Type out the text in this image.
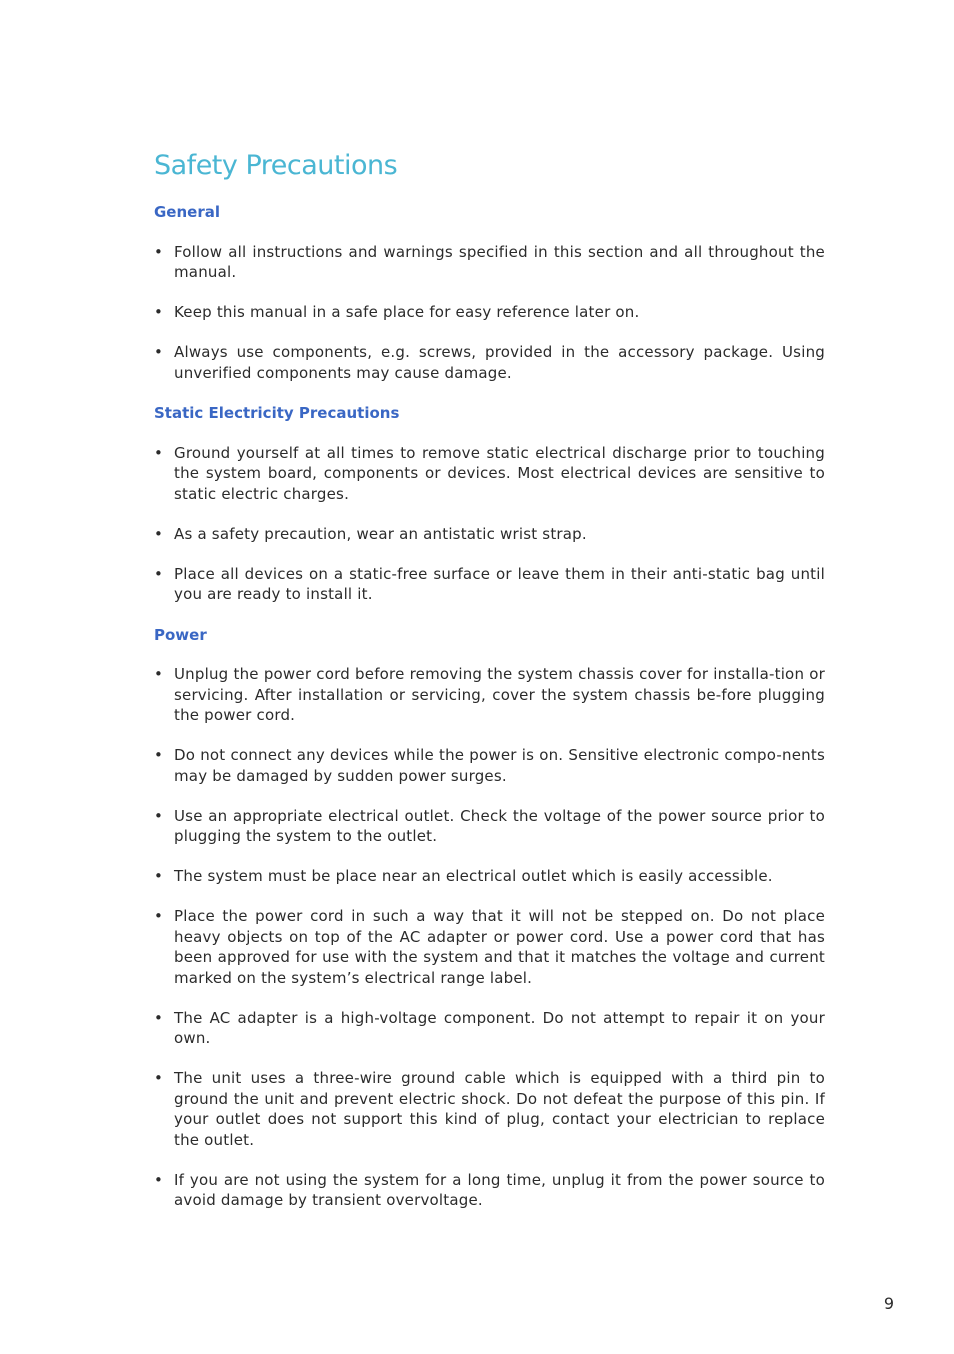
Safety Precautions
General
• Follow all instructions and warnings specified in this section and all throughout the manual.
• Keep this manual in a safe place for easy reference later on.
• Always use components, e.g. screws, provided in the accessory package. Using unverified components may cause damage.
Static Electricity Precautions
• Ground yourself at all times to remove static electrical discharge prior to touching the system board, components or devices. Most electrical devices are sensitive to static electric charges.
• As a safety precaution, wear an antistatic wrist strap.
• Place all devices on a static-free surface or leave them in their anti-static bag until you are ready to install it.
Power
• Unplug the power cord before removing the system chassis cover for installa-tion or servicing. After installation or servicing, cover the system chassis be-fore plugging the power cord.
• Do not connect any devices while the power is on. Sensitive electronic compo-nents may be damaged by sudden power surges.
• Use an appropriate electrical outlet. Check the voltage of the power source prior to plugging the system to the outlet.
• The system must be place near an electrical outlet which is easily accessible.
• Place the power cord in such a way that it will not be stepped on. Do not place heavy objects on top of the AC adapter or power cord. Use a power cord that has been approved for use with the system and that it matches the voltage and current marked on the system’s electrical range label.
• The AC adapter is a high-voltage component. Do not attempt to repair it on your own.
• The unit uses a three-wire ground cable which is equipped with a third pin to ground the unit and prevent electric shock. Do not defeat the purpose of this pin. If your outlet does not support this kind of plug, contact your electrician to replace the outlet.
• If you are not using the system for a long time, unplug it from the power source to avoid damage by transient overvoltage.
9
